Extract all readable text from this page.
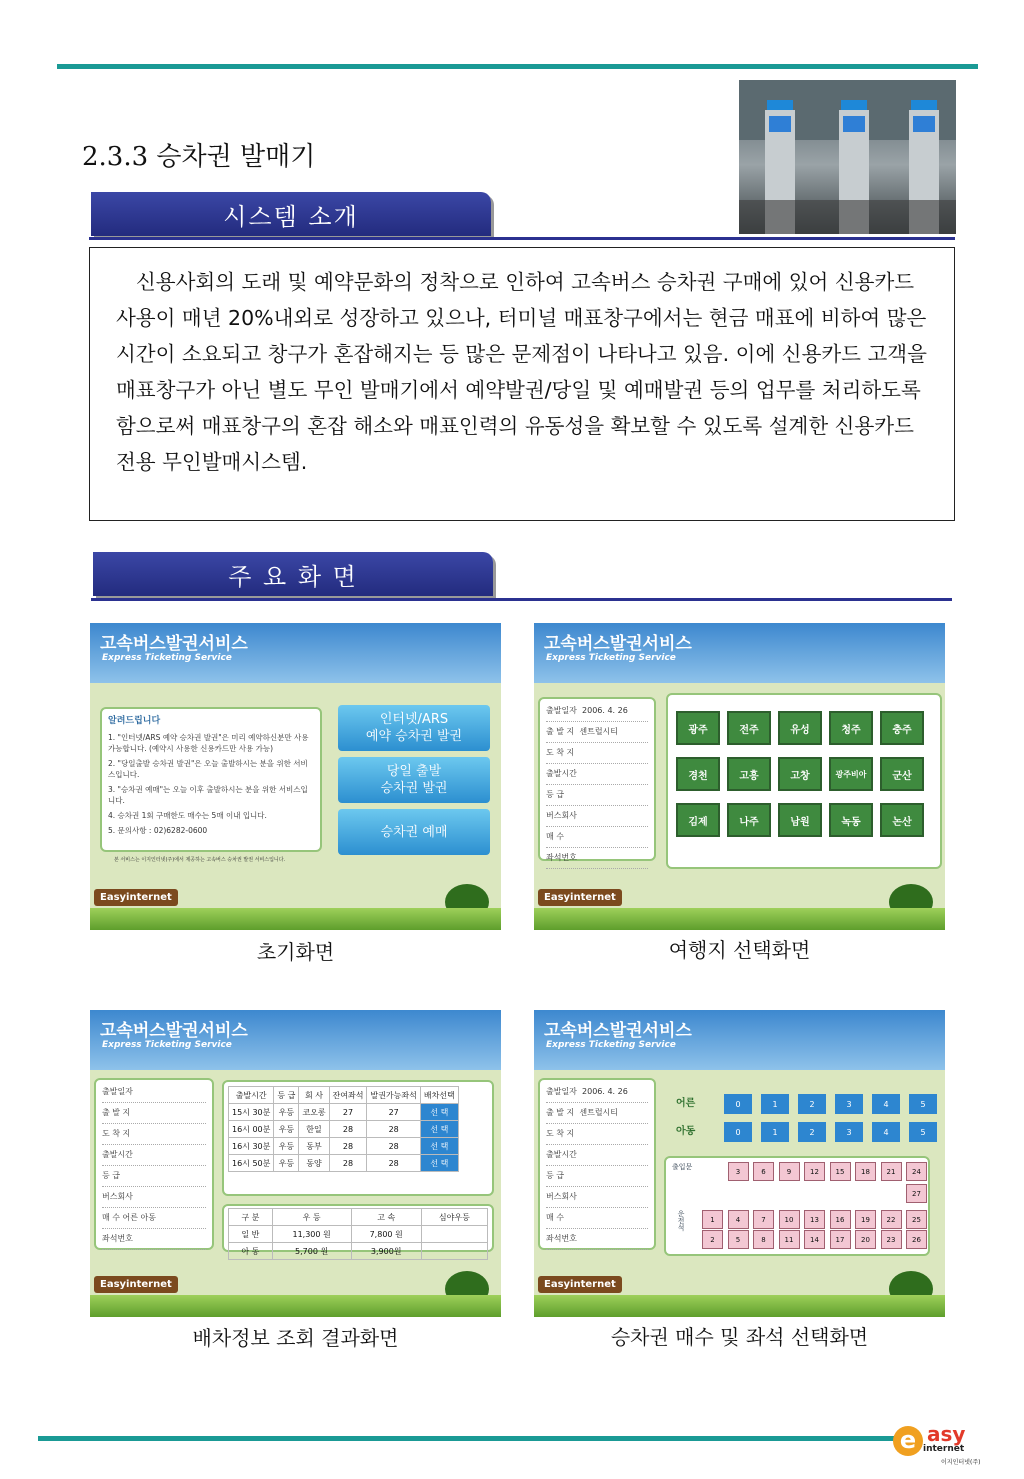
2.3.3 승차권 발매기
시스템 소개

신용사회의 도래 및 예약문화의 정착으로 인하여 고속버스 승차권 구매에 있어 신용카드 사용이 매년 20%내외로 성장하고 있으나, 터미널 매표창구에서는 현금 매표에 비하여 많은 시간이 소요되고 창구가 혼잡해지는 등 많은 문제점이 나타나고 있음. 이에 신용카드 고객을 매표창구가 아닌 별도 무인 발매기에서 예약발권/당일 및 예매발권 등의 업무를 처리하도록 함으로써 매표창구의 혼잡 해소와 매표인력의 유동성을 확보할 수 있도록 설계한 신용카드 전용 무인발매시스템.

주 요 화 면
고속버스발권서비스
Express Ticketing Service
알려드립니다

1. "인터넷/ARS 예약 승차권 발권"은 미리 예약하신분만 사용 가능합니다. (예약시 사용한 신용카드만 사용 가능)

2. "당일출발 승차권 발권"은 오늘 출발하시는 분을 위한 서비스입니다.

3. "승차권 예매"는 오늘 이후 출발하시는 분을 위한 서비스입니다.

4. 승차권 1회 구매한도 매수는 5매 이내 입니다.

5. 문의사항 : 02)6282-0600

본 서비스는 이지인터넷(주)에서 제공하는 고속버스 승차권 발권 서비스입니다.
인터넷/ARS
예약 승차권 발권
당일 출발
승차권 발권
승차권 예매
Easyinternet
초기화면
고속버스발권서비스
Express Ticketing Service
출발일자 2006. 4. 26
출 발 지 센트럴시티
도 착 지
출발시간
등 급
버스회사
매 수
좌석번호
광주	전주	유성	청주	충주
경천	고흥	고창	광주비아	군산
김제	나주	남원	녹동	논산
Easyinternet
여행지 선택화면
고속버스발권서비스
Express Ticketing Service
출발일자
출 발 지
도 착 지
출발시간
등 급
버스회사
매 수 어른 아동
좌석번호
출발시간	등 급	회 사	잔여좌석	발권가능좌석	배차선택
15시 30분	우등	코오롱	27	27	선 택
16시 00분	우등	한일	28	28	선 택
16시 30분	우등	동부	28	28	선 택
16시 50분	우등	동양	28	28	선 택
구 분	우 등	고 속	심야우등
일 반	11,300 원	7,800 원	
아 동	5,700 원	3,900원	
Easyinternet
배차정보 조회 결과화면
고속버스발권서비스
Express Ticketing Service
출발일자 2006. 4. 26
출 발 지 센트럴시티
도 착 지
출발시간
등 급
버스회사
매 수
좌석번호
어른
아동
0	1	2	3	4	5
0	1	2	3	4	5
출입문
운전석
3	6	9	12	15	18	21	24
27
1	4	7	10	13	16	19	22	25
2	5	8	11	14	17	20	23	26
Easyinternet
승차권 매수 및 좌석 선택화면
e asy
internet
이지인터넷(주)
